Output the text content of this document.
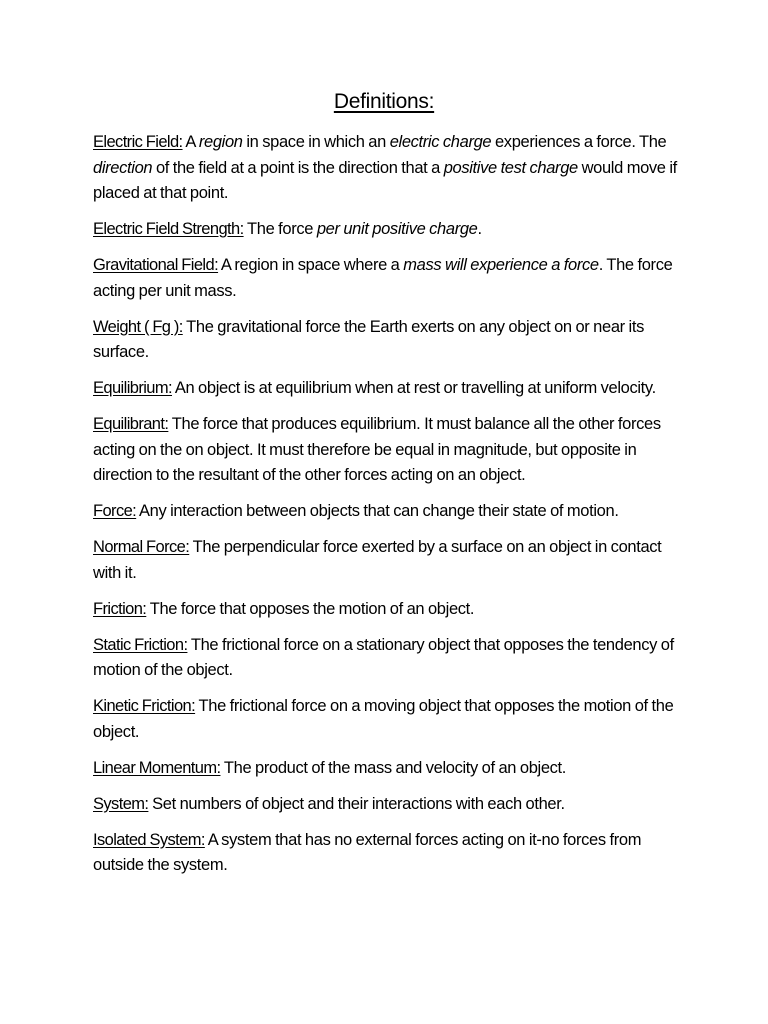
Definitions:

Electric Field: A region in space in which an electric charge experiences a force. The direction of the field at a point is the direction that a positive test charge would move if placed at that point.

Electric Field Strength: The force per unit positive charge.

Gravitational Field: A region in space where a mass will experience a force. The force acting per unit mass.

Weight ( Fg ): The gravitational force the Earth exerts on any object on or near its surface.

Equilibrium: An object is at equilibrium when at rest or travelling at uniform velocity.

Equilibrant: The force that produces equilibrium. It must balance all the other forces acting on the on object. It must therefore be equal in magnitude, but opposite in direction to the resultant of the other forces acting on an object.

Force: Any interaction between objects that can change their state of motion.

Normal Force: The perpendicular force exerted by a surface on an object in contact with it.

Friction: The force that opposes the motion of an object.

Static Friction: The frictional force on a stationary object that opposes the tendency of motion of the object.

Kinetic Friction: The frictional force on a moving object that opposes the motion of the object.

Linear Momentum: The product of the mass and velocity of an object.

System: Set numbers of object and their interactions with each other.

Isolated System: A system that has no external forces acting on it-no forces from outside the system.
